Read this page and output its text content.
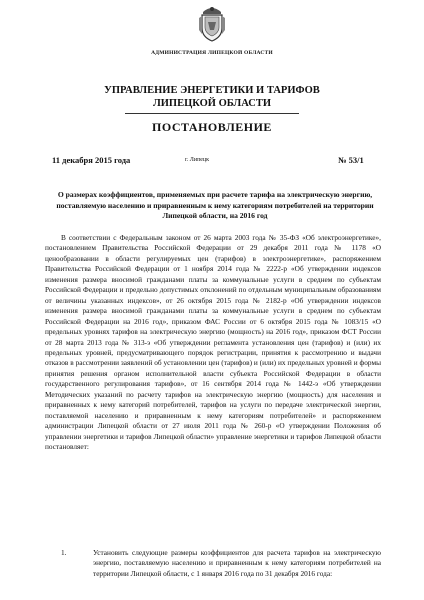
АДМИНИСТРАЦИЯ ЛИПЕЦКОЙ ОБЛАСТИ
УПРАВЛЕНИЕ ЭНЕРГЕТИКИ И ТАРИФОВ
ЛИПЕЦКОЙ ОБЛАСТИ
ПОСТАНОВЛЕНИЕ
11 декабря 2015 года	г. Липецк	№ 53/1
О размерах коэффициентов, применяемых при расчете тарифа на электрическую энергию, поставляемую населению и приравненным к нему категориям потребителей на территории Липецкой области, на 2016 год

В соответствии с Федеральным законом от 26 марта 2003 года № 35-ФЗ «Об электроэнергетике», постановлением Правительства Российской Федерации от 29 декабря 2011 года № 1178 «О ценообразовании в области регулируемых цен (тарифов) в электроэнергетике», распоряжением Правительства Российской Федерации от 1 ноября 2014 года № 2222-р «Об утверждении индексов изменения размера вносимой гражданами платы за коммунальные услуги в среднем по субъектам Российской Федерации и предельно допустимых отклонений по отдельным муниципальным образованиям от величины указанных индексов», от 26 октября 2015 года № 2182-р «Об утверждении индексов изменения размера вносимой гражданами платы за коммунальные услуги в среднем по субъектам Российской Федерации на 2016 год», приказом ФАС России от 6 октября 2015 года № 1083/15 «О предельных уровнях тарифов на электрическую энергию (мощность) на 2016 год», приказом ФСТ России от 28 марта 2013 года № 313-э «Об утверждении регламента установления цен (тарифов) и (или) их предельных уровней, предусматривающего порядок регистрации, принятия к рассмотрению и выдачи отказов в рассмотрении заявлений об установлении цен (тарифов) и (или) их предельных уровней и формы принятия решения органом исполнительной власти субъекта Российской Федерации в области государственного регулирования тарифов», от 16 сентября 2014 года № 1442-э «Об утверждении Методических указаний по расчету тарифов на электрическую энергию (мощность) для населения и приравненных к нему категорий потребителей, тарифов на услуги по передаче электрической энергии, поставляемой населению и приравненным к нему категориям потребителей» и распоряжением администрации Липецкой области от 27 июля 2011 года № 260-р «О утверждении Положения об управлении энергетики и тарифов Липецкой области» управление энергетики и тарифов Липецкой области постановляет:

1.	Установить следующие размеры коэффициентов для расчета тарифов на электрическую энергию, поставляемую населению и приравненным к нему категориям потребителей на территории Липецкой области, с 1 января 2016 года по 31 декабря 2016 года:
